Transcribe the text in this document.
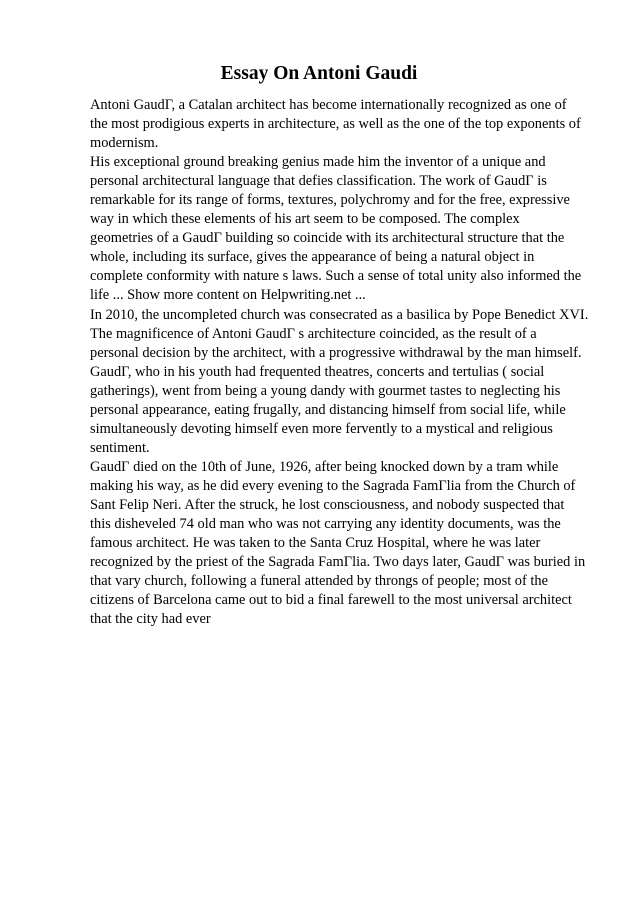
Essay On Antoni Gaudi

Antoni GaudГ, a Catalan architect has become internationally recognized as one of
the most prodigious experts in architecture, as well as the one of the top exponents of
modernism.

His exceptional ground breaking genius made him the inventor of a unique and
personal architectural language that defies classification. The work of GaudГ is
remarkable for its range of forms, textures, polychromy and for the free, expressive
way in which these elements of his art seem to be composed. The complex
geometries of a GaudГ building so coincide with its architectural structure that the
whole, including its surface, gives the appearance of being a natural object in
complete conformity with nature s laws. Such a sense of total unity also informed the
life ... Show more content on Helpwriting.net ...

In 2010, the uncompleted church was consecrated as a basilica by Pope Benedict XVI.
The magnificence of Antoni GaudГ s architecture coincided, as the result of a
personal decision by the architect, with a progressive withdrawal by the man himself.
GaudГ, who in his youth had frequented theatres, concerts and tertulias ( social
gatherings), went from being a young dandy with gourmet tastes to neglecting his
personal appearance, eating frugally, and distancing himself from social life, while
simultaneously devoting himself even more fervently to a mystical and religious
sentiment.

GaudГ died on the 10th of June, 1926, after being knocked down by a tram while
making his way, as he did every evening to the Sagrada FamГlia from the Church of
Sant Felip Neri. After the struck, he lost consciousness, and nobody suspected that
this disheveled 74 old man who was not carrying any identity documents, was the
famous architect. He was taken to the Santa Cruz Hospital, where he was later
recognized by the priest of the Sagrada FamГlia. Two days later, GaudГ was buried in
that vary church, following a funeral attended by throngs of people; most of the
citizens of Barcelona came out to bid a final farewell to the most universal architect
that the city had ever
